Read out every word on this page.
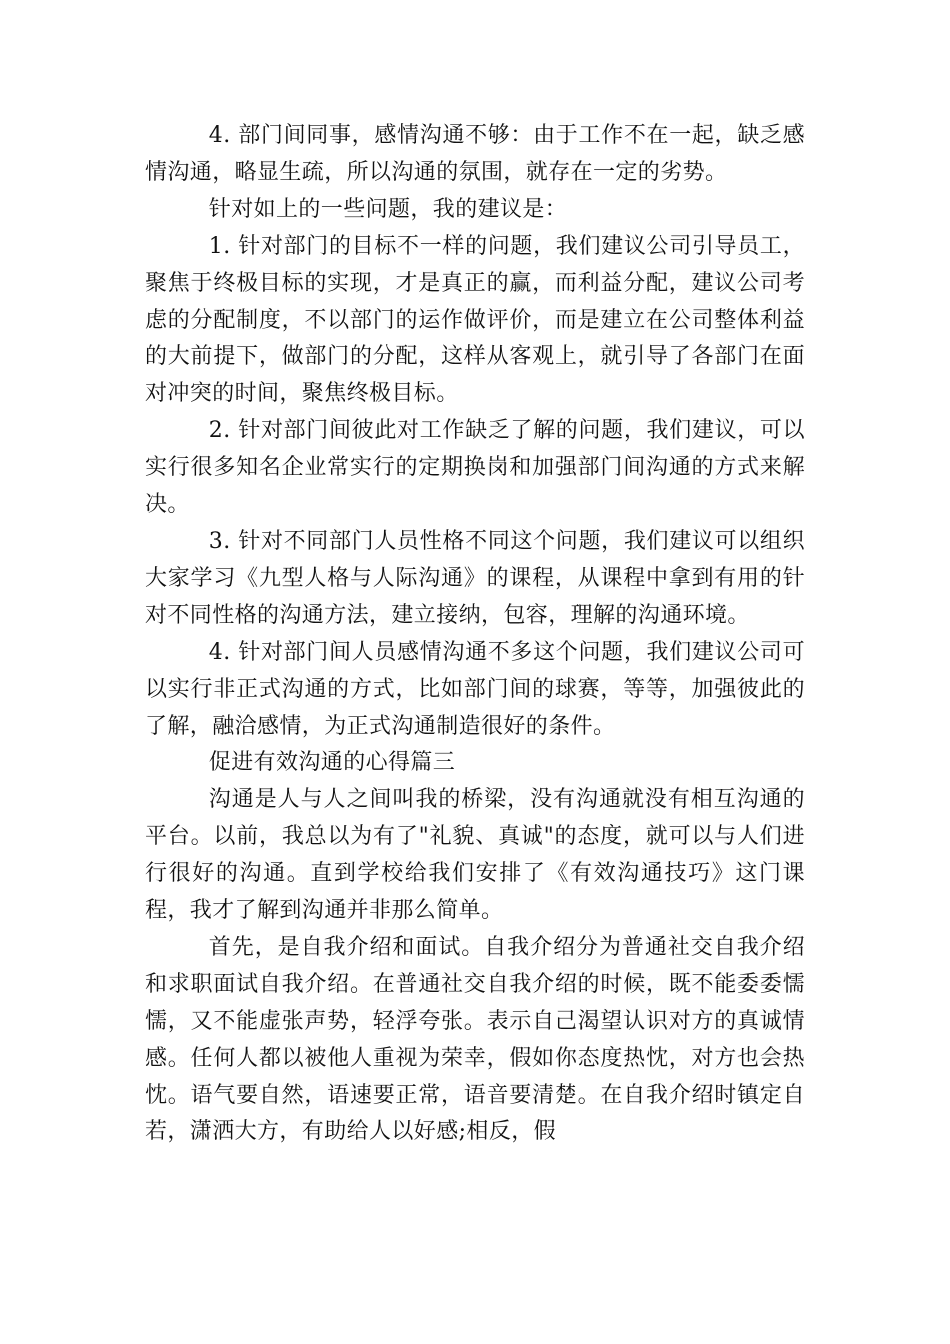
4. 部门间同事，感情沟通不够：由于工作不在一起，缺乏感情沟通，略显生疏，所以沟通的氛围，就存在一定的劣势。

针对如上的一些问题，我的建议是：

1. 针对部门的目标不一样的问题，我们建议公司引导员工，聚焦于终极目标的实现，才是真正的赢，而利益分配，建议公司考虑的分配制度，不以部门的运作做评价，而是建立在公司整体利益的大前提下，做部门的分配，这样从客观上，就引导了各部门在面对冲突的时间，聚焦终极目标。

2. 针对部门间彼此对工作缺乏了解的问题，我们建议，可以实行很多知名企业常实行的定期换岗和加强部门间沟通的方式来解决。

3. 针对不同部门人员性格不同这个问题，我们建议可以组织大家学习《九型人格与人际沟通》的课程，从课程中拿到有用的针对不同性格的沟通方法，建立接纳，包容，理解的沟通环境。

4. 针对部门间人员感情沟通不多这个问题，我们建议公司可以实行非正式沟通的方式，比如部门间的球赛，等等，加强彼此的了解，融洽感情，为正式沟通制造很好的条件。

促进有效沟通的心得篇三

沟通是人与人之间叫我的桥梁，没有沟通就没有相互沟通的平台。以前，我总以为有了"礼貌、真诚"的态度，就可以与人们进行很好的沟通。直到学校给我们安排了《有效沟通技巧》这门课程，我才了解到沟通并非那么简单。

首先，是自我介绍和面试。自我介绍分为普通社交自我介绍和求职面试自我介绍。在普通社交自我介绍的时候，既不能委委懦懦，又不能虚张声势，轻浮夸张。表示自己渴望认识对方的真诚情感。任何人都以被他人重视为荣幸，假如你态度热忱，对方也会热忱。语气要自然，语速要正常，语音要清楚。在自我介绍时镇定自若，潇洒大方，有助给人以好感;相反，假
